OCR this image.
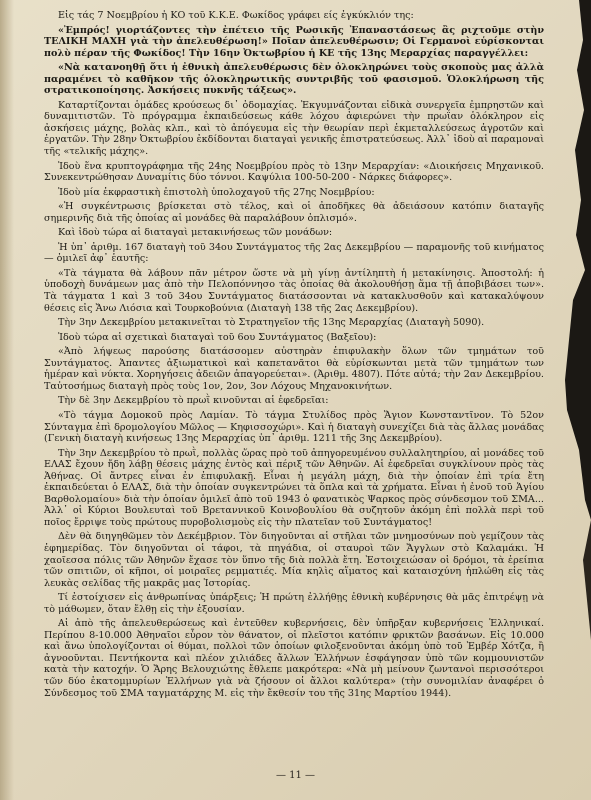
Εἰς τάς 7 Νοεμβρίου ἡ ΚΟ τοῦ Κ.Κ.Ε. Φωκίδος γράφει είς ἐγκύκλιόν της:

«Ἐμπρός! γιορτάζοντες τὴν ἐπέτειο τῆς Ρωσικῆς Ἐπαναστάσεως ἂς ριχτοῦμε στὴν ΤΕΛΙΚΗ ΜΑΧΗ γιὰ τὴν ἀπελευθέρωση!» Ποῖαν ἀπελευθέρωσιν; Οἱ Γερμανοὶ εὑρίσκονται πολὺ πέραν τῆς Φωκίδος! Τὴν 16ην Ὀκτωβρίου ἡ ΚΕ τῆς 13ης Μεραρχίας παραγγέλλει:

«Νὰ κατανοηθῇ ὅτι ἡ ἐθνικὴ ἀπελευθέρωσις δὲν ὁλοκληρώνει τοὺς σκοποὺς μας ἀλλὰ παραμένει τὸ καθῆκον τῆς ὁλοκληρωτικῆς συντριβῆς τοῦ φασισμοῦ. Ὁλοκλήρωση τῆς στρατικοποίησης. Ἀσκήσεις πυκνῆς τάξεως».

Καταρτίζονται ὁμάδες κρούσεως δι᾽ ὁδομαχίας. Ἐκγυμνάζονται εἰδικὰ συνεργεῖα ἐμπρηστῶν καὶ δυναμιτιστῶν. Τὸ πρόγραμμα ἐκπαιδεύσεως κάθε λόχου ἀφιερώνει τὴν πρωΐαν ὁλόκληρον εἰς ἀσκήσεις μάχης, βολὰς κλπ., καὶ τὸ ἀπόγευμα εἰς τὴν θεωρίαν περὶ ἐκμεταλλεύσεως ἀγροτῶν καὶ ἐργατῶν. Τὴν 28ην Ὀκτωβρίου ἐκδίδονται διαταγαὶ γενικῆς ἐπιστρατεύσεως. Ἀλλ᾽ ἰδοὺ αἱ παραμοναὶ τῆς «τελικῆς μάχης».

Ἰδοὺ ἕνα κρυπτογράφημα τῆς 24ης Νοεμβρίου πρὸς τὸ 13ην Μεραρχίαν: «Διοικήσεις Μηχανικοῦ. Συνεκεντρώθησαν Δυναμίτις δύο τόννοι. Καψύλια 100-50-200 - Νάρκες διάφορες».

Ἰδοὺ μία ἐκφραστικὴ ἐπιστολὴ ὑπολοχαγοῦ τῆς 27ης Νοεμβρίου:

«Ἡ συγκέντρωσις βρίσκεται στὸ τέλος, καὶ οἱ ἀποδῆκες θὰ ἀδειάσουν κατόπιν διαταγῆς σημερινῆς διὰ τῆς ὁποίας αἱ μονάδες θὰ παραλάβουν ὁπλισμό».

Καὶ ἰδοὺ τώρα αἱ διαταγαὶ μετακινήσεως τῶν μονάδων:

Ἡ ὑπ᾽ ἀριθμ. 167 διαταγὴ τοῦ 34ου Συντάγματος τῆς 2ας Δεκεμβρίου — παραμονῆς τοῦ κινήματος — ὁμιλεῖ ἀφ᾽ ἑαυτῆς:

«Τὰ τάγματα θὰ λάβουν πᾶν μέτρον ὥστε νὰ μὴ γίνῃ ἀντίληπτὴ ἡ μετακίνησις. Ἀποστολή: ἡ ὑποδοχὴ δυνάμεων μας ἀπὸ τὴν Πελοπόννησο τὰς ὁποίας θὰ ἀκολουθήσῃ ἅμα τῇ ἀποβιβάσει των». Τὰ τάγματα 1 καὶ 3 τοῦ 34ου Συντάγματος διατάσσονται νὰ κατακλυσθοῦν καὶ κατακαλύψουν θέσεις εἰς Ἄνω Λιόσια καὶ Τουρκοβούνια (Διαταγὴ 138 τῆς 2ας Δεκεμβρίου).

Τὴν 3ην Δεκεμβρίου μετακινεῖται τὸ Στρατηγεῖον τῆς 13ης Μεραρχίας (Διαταγὴ 5090).

Ἰδοὺ τώρα αἱ σχετικαὶ διαταγαὶ τοῦ 6ου Συντάγματος (Βαξεῖου):

«Ἀπὸ λήψεως παρούσης διατάσσομεν αὐστηρὰν ἐπιφυλακὴν ὅλων τῶν τμημάτων τοῦ Συντάγματος. Ἀπαντες ἀξιωματικοὶ καὶ καπετανᾶτοι θὰ εὑρίσκωνται μετὰ τῶν τμημάτων των ἡμέραν καὶ νύκτα. Χορηγήσεις ἀδειῶν ἀπαγορεύεται». (Ἀριθμ. 4807). Πότε αὐτά; τὴν 2αν Δεκεμβρίου. Ταὐτοσήμως διαταγὴ πρὸς τοὺς 1ον, 2ον, 3ον Λόχους Μηχανοκινήτων.

Τὴν δὲ 3ην Δεκεμβρίου τὸ πρωῒ κινοῦνται αἱ ἐφεδρεῖαι:

«Τὸ τάγμα Δομοκοῦ πρὸς Λαμίαν. Τὸ τάγμα Στυλίδος πρὸς Ἅγιον Κωνσταντῖνον. Τὸ 52ον Σύνταγμα ἐπὶ δρομολογίου Μῶλος — Κηφισσοχώρι». Καὶ ἡ διαταγὴ συνεχίζει διὰ τὰς ἄλλας μονάδας (Γενικὴ διαταγὴ κινήσεως 13ης Μεραρχίας ὑπ᾽ ἀριθμ. 1211 τῆς 3ης Δεκεμβρίου).

Τὴν 3ην Δεκεμβρίου τὸ πρωῒ, πολλὰς ὥρας πρὸ τοῦ ἀπηγορευμένου συλλαλητηρίου, αἱ μονάδες τοῦ ΕΛΑΣ ἔχουν ἤδη λάβῃ θέσεις μάχης ἐντὸς καὶ πέριξ τῶν Ἀθηνῶν. Αἱ ἐφεδρεῖαι συγκλίνουν πρὸς τὰς Ἀθήνας. Οἱ ἄντρες εἶναι ἐν ἐπιφυλακῇ. Εἶναι ἡ μεγάλη μάχη, διὰ τὴν ὁποίαν ἐπὶ τρία ἔτη ἐκπαιδεύεται ὁ ΕΛΑΣ, διὰ τὴν ὁποίαν συγκεντρώνει τὰ ὅπλα καὶ τὰ χρήματα. Εἶναι ἡ ἐνοῦ τοῦ Ἁγίου Βαρθολομαίου» διὰ τὴν ὁποίαν ὁμιλεῖ ἀπὸ τοῦ 1943 ὁ φανατικὸς Ψαρκος πρὸς σύνδεσμον τοῦ ΣΜΑ... Ἀλλ᾽ οἱ Κύριοι Βουλευταὶ τοῦ Βρεταννικοῦ Κοινοβουλίου θὰ συζητοῦν ἀκόμη ἐπὶ πολλὰ περὶ τοῦ ποῖος ἔρριψε τοὺς πρώτους πυροβολισμοὺς εἰς τὴν πλατεῖαν τοῦ Συντάγματος!

Δὲν θὰ διηγηθῶμεν τὸν Δεκέμβριον. Τὸν διηγοῦνται αἱ στῆλαι τῶν μνημοσύνων ποὺ γεμίζουν τὰς ἐφημερίδας. Τὸν διηγοῦνται οἱ τάφοι, τὰ πηγάδια, οἱ σταυροὶ τῶν Ἄγγλων στὸ Καλαμάκι. Ἡ χαοῖεσσα πόλις τῶν Ἀθηνῶν ἔχασε τὸν ὕπνο τῆς διὰ πολλὰ ἔτη. Ἐστοιχειώσαν οἱ δρόμοι, τὰ ἐρείπια τῶν σπιτιῶν, οἱ κῆποι, οἱ μοιραῖες ρεμματιές. Μία κηλὶς αἵματος καὶ καταισχύνη ἡπλώθη εἰς τὰς λευκὰς σελίδας τῆς μακρᾶς μας Ἱστορίας.

Τί ἐστοίχισεν εἰς ἀνθρωπίνας ὑπάρξεις; Ἡ πρώτη ἐλλήθῃς ἐθνικὴ κυβέρνησις θὰ μᾶς ἐπιτρέψῃ νὰ τὸ μάθωμεν, ὅταν ἔλθῃ εἰς τὴν ἐξουσίαν.

Αἱ ἀπὸ τῆς ἀπελευθερώσεως καὶ ἐντεῦθεν κυβερνήσεις, δὲν ὑπῆρξαν κυβερνήσεις Ἑλληνικαί. Περίπου 8-10.000 Ἀθηναῖοι εὗρον τὸν θάνατον, οἱ πλεῖστοι κατόπιν φρικτῶν βασάνων. Εἰς 10.000 καὶ ἄνω ὑπολογίζονται οἱ θύμαι, πολλοὶ τῶν ὁποίων φιλοξενοῦνται ἀκόμη ὑπὸ τοῦ Ἐμβέρ Χότζα, ἢ ἀγνοοῦνται. Πεντήκοντα καὶ πλέον χιλιάδες ἄλλων Ἑλλήνων ἐσφάγησαν ὑπὸ τῶν κομμουνιστῶν κατὰ τὴν κατοχήν. Ὁ Ἄρης Βελουχιώτης ἔθλεπε μακρότερα: «Νὰ μὴ μείνουν ζωντανοὶ περισσότεροι τῶν δύο ἑκατομμυρίων Ἑλλήνων γιὰ νὰ ζήσουν οἱ ἄλλοι καλύτερα» (τὴν συνομιλίαν ἀναφέρει ὁ Σύνδεσμος τοῦ ΣΜΑ ταγματάρχης Μ. εἰς τὴν ἔκθεσίν του τῆς 31ης Μαρτίου 1944).

— 11 —
